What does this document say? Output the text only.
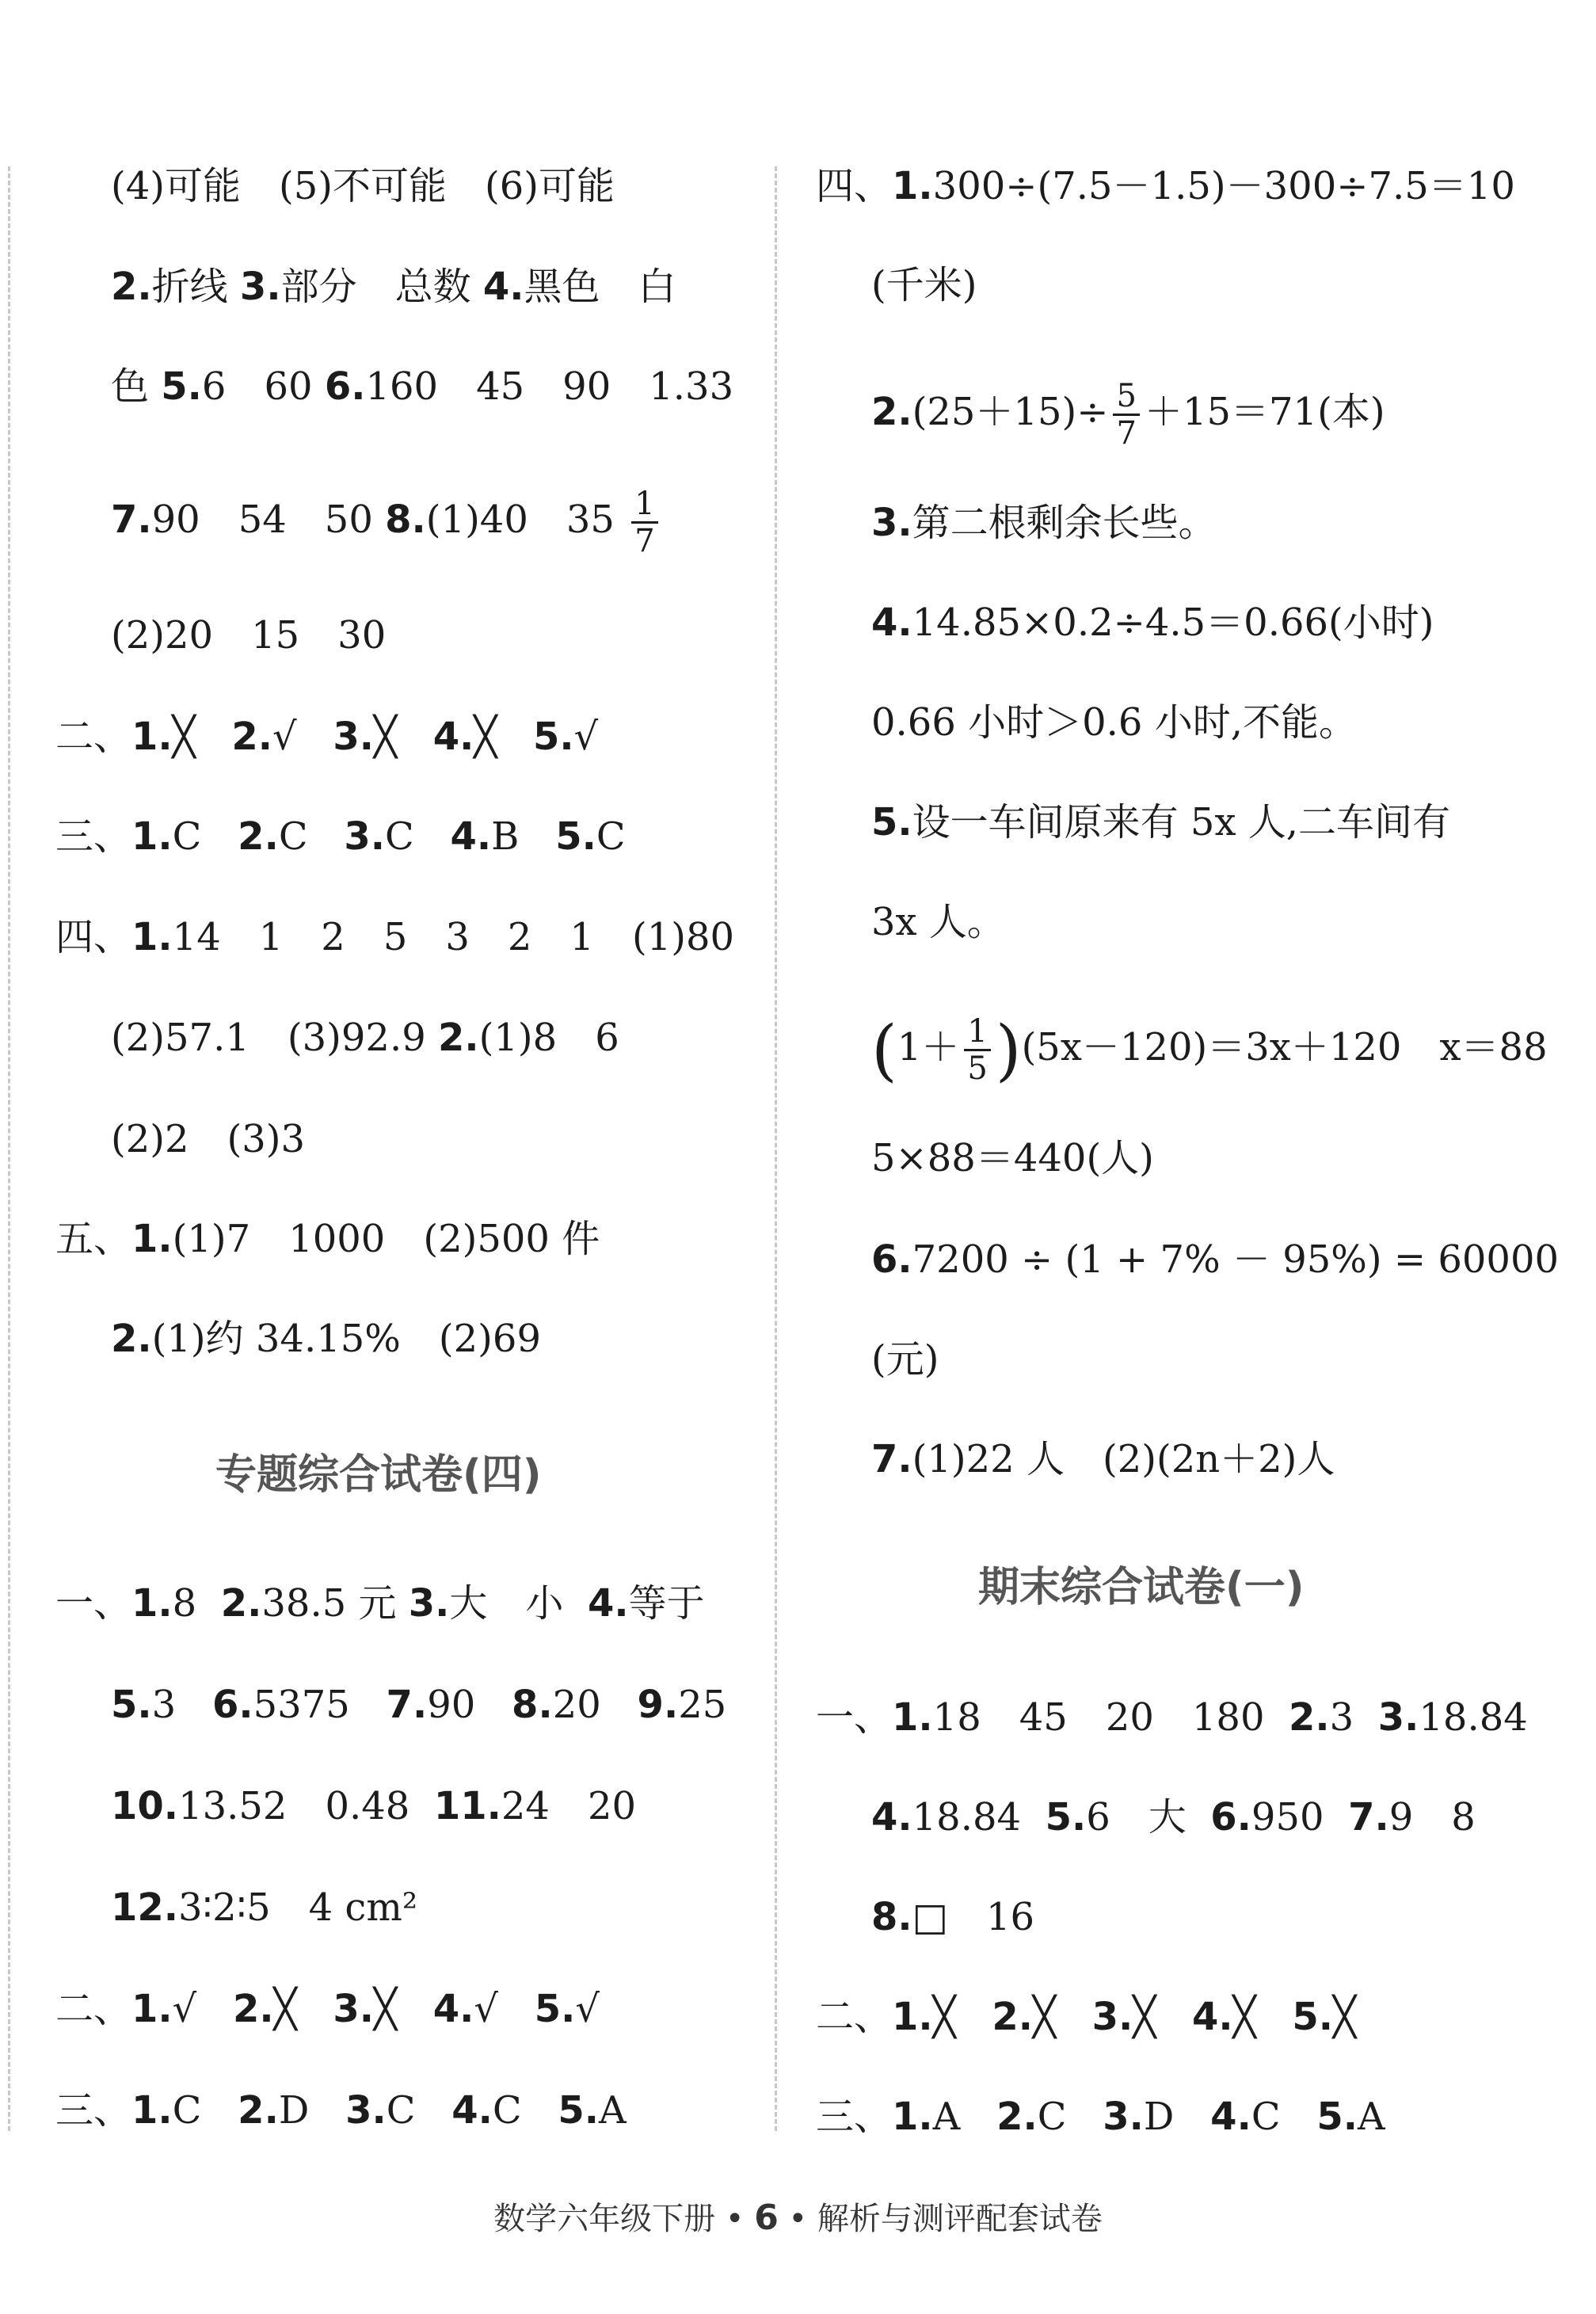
(4)可能　(5)不可能　(6)可能
2.折线 3.部分　总数 4.黑色　白
色 5.6　60 6.160　45　90　1.33
7.90　54　50 8.(1)40　$35 \frac{1}{7}$
(2)20　15　30
二、1.╳ 2.√ 3.╳ 4.╳ 5.√
三、1.C 2.C 3.C 4.B 5.C
四、1.14　1　2　5　3　2　1　(1)80
(2)57.1　(3)92.9 2.(1)8　6
(2)2　(3)3
五、1.(1)7　1000　(2)500 件
2.(1)约 34.15%　(2)69
专题综合试卷(四)
一、1.8 2.38.5 元 3.大　小 4.等于
5.3 6.5375 7.90 8.20 9.25
10.13.52　0.48 11.24　20
12.3∶2∶5　4 cm²
二、1.√ 2.╳ 3.╳ 4.√ 5.√
三、1.C 2.D 3.C 4.C 5.A
四、1.300÷(7.5－1.5)－300÷7.5＝10
(千米)
$2.(25+15)\div \frac{5}{7} +15=71$(本)
3.第二根剩余长些。
4.14.85×0.2÷4.5＝0.66(小时)
0.66 小时＞0.6 小时,不能。
5.设一车间原来有 5x 人,二车间有
3x 人。
$(1+ \frac{1}{5} )(5x-120)=3x+120$　x＝88
5×88＝440(人)
6.7200 ÷ (1 + 7% － 95%) = 60000
(元)
7.(1)22 人　(2)(2n＋2)人
期末综合试卷(一)
一、1.18　45　20　180 2.3 3.18.84
4.18.84 5.6　大 6.950 7.9　8
8.□　16
二、1.╳ 2.╳ 3.╳ 4.╳ 5.╳
三、1.A 2.C 3.D 4.C 5.A
数学六年级下册 • 6 • 解析与测评配套试卷
